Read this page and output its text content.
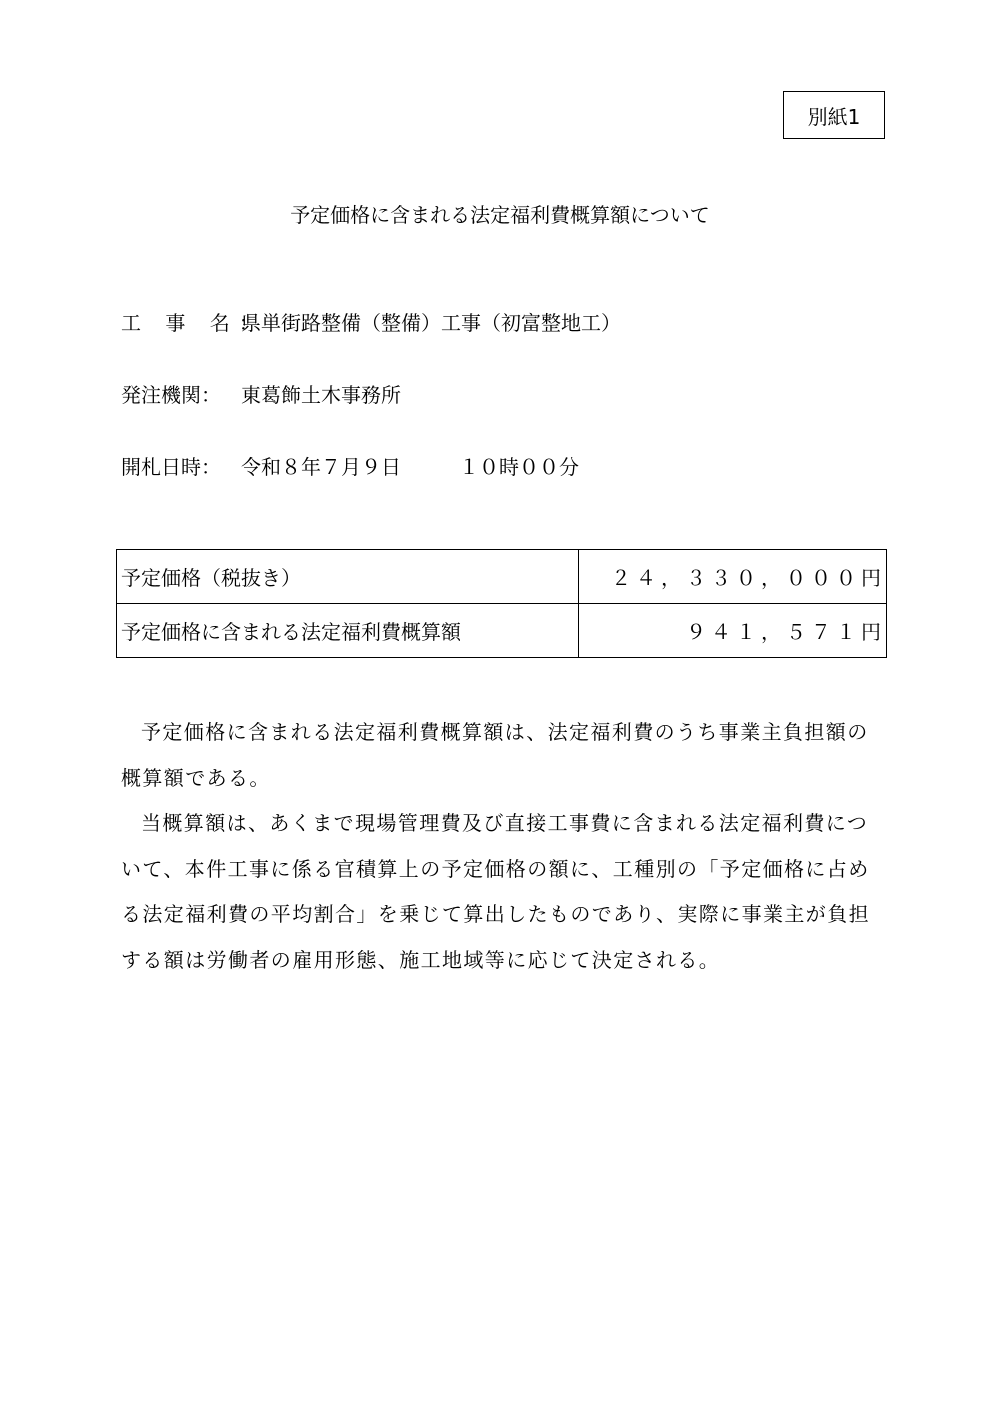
別紙1
予定価格に含まれる法定福利費概算額について
工 事 名：県単街路整備（整備）工事（初富整地工）
発注機関： 東葛飾土木事務所
開札日時： 令和８年７月９日	１０時００分
予定価格（税抜き）	２４，３３０，０００円
予定価格に含まれる法定福利費概算額	９４１，５７１円

予定価格に含まれる法定福利費概算額は、法定福利費のうち事業主負担額の概算額である。

当概算額は、あくまで現場管理費及び直接工事費に含まれる法定福利費について、本件工事に係る官積算上の予定価格の額に、工種別の「予定価格に占める法定福利費の平均割合」を乗じて算出したものであり、実際に事業主が負担する額は労働者の雇用形態、施工地域等に応じて決定される。
